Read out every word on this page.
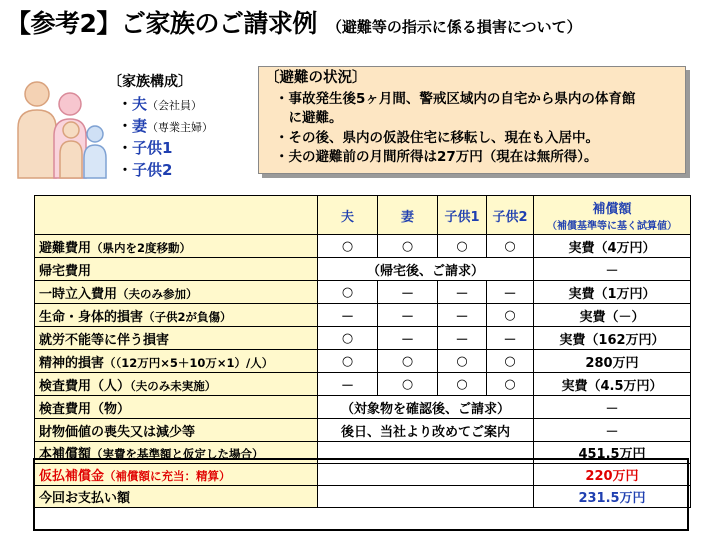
【参考2】ご家族のご請求例 （避難等の指示に係る損害について）
〔家族構成〕
・夫（会社員）
・妻（専業主婦）
・子供1
・子供2
〔避難の状況〕
・事故発生後5ヶ月間、警戒区域内の自宅から県内の体育館
　に避難。
・その後、県内の仮設住宅に移転し、現在も入居中。
・夫の避難前の月間所得は27万円（現在は無所得）。
	夫	妻	子供1	子供2	補償額
（補償基準等に基く試算値）

避難費用（県内を2度移動）	○	○	○	○	実費（4万円）
帰宅費用	（帰宅後、ご請求）				－
一時立入費用（夫のみ参加）	○	－	－	－	実費（1万円）
生命・身体的損害（子供2が負傷）	－	－	－	○	実費（－）
就労不能等に伴う損害	○	－	－	－	実費（162万円）
精神的損害（（12万円×5＋10万×1）/人）	○	○	○	○	280万円
検査費用（人）（夫のみ未実施）	－	○	○	○	実費（4.5万円）
検査費用（物）	（対象物を確認後、ご請求）				－
財物価値の喪失又は減少等	後日、当社より改めてご案内				－
本補償額（実費を基準額と仮定した場合）					451.5万円
仮払補償金（補償額に充当：精算）					220万円
今回お支払い額					231.5万円
